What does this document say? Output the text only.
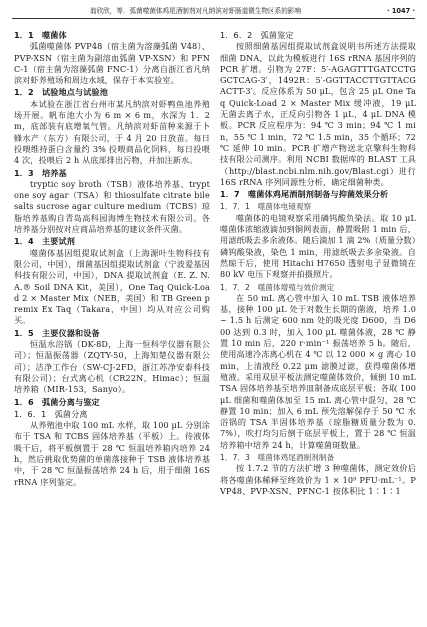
翁欣欣，等．弧菌噬菌体鸡尾酒制剂对凡纳滨对虾肠道微生物区系的影响	· 1047 ·
1．1　噬菌体

弧菌噬菌体 PVP48（宿主菌为溶藻弧菌 V48）、PVP-XSN（宿主菌为副溶血弧菌 VP-XSN）和 PFNC-1（宿主菌为溶藻弧菌 FNC-1）分离自浙江省凡纳滨对虾养殖场和周边水域，保存于本实验室。

1．2　试验地点与试验池

本试验在浙江省台州市某凡纳滨对虾鸭鱼池养殖场开展。帆布池大小为 6 m × 6 m，水深为 1．2 m，底部装有底增氧气管。凡纳滨对虾苗种来源于卜蜂水产（东方）有限公司，于 4 月 20 日放苗。每日投喂维持蛋白含量约 3% 投喂商品化饲料，每日投喂 4 次，投喂后 2 h 从底部排出污物，并加注新水。

1．3　培养基

tryptic soy broth（TSB）液体培养基、tryptone soy agar（TSA）和 thiosulfate citrate bile salts sucrose agar culture medium（TCBS）琼脂培养基购自青岛高科园海博生物技术有限公司。各培养基分别按对应商品培养基的建议条件灭菌。

1．4　主要试剂

噬菌体基因组提取试剂盒（上海源叶生物科技有限公司，中国），细菌基因组提取试剂盒（宁波爱基因科技有限公司，中国），DNA 提取试剂盒（E. Z. N. A.® Soil DNA Kit，美国），One Taq Quick-Load 2 × Master Mix（NEB，美国）和 TB Green premix Ex Taq（Takara，中国）均从对应公司购买。

1．5　主要仪器和设备

恒温水浴锅（DK-8D，上海一恒科学仪器有限公司）；恒温振荡器（ZQTY-50，上海知楚仪器有限公司）；洁净工作台（SW-CJ-2FD，浙江苏净安泰科技有限公司）；台式离心机（CR22N，Himac）；恒温培养箱（MIR-153，Sanyo）。

1．6　弧菌分离与鉴定
1．6．1　弧菌分离

从养殖池中取 100 mL 水样，取 100 μL 分别涂布于 TSA 和 TCBS 固体培养基（平板）上。待液体吸干后，将平板倒置于 28 ℃ 恒温培养箱内培养 24 h，然后挑取优势菌的单菌落接种于 TSB 液体培养基中，于 28 ℃ 恒温振荡培养 24 h 后，用于细菌 16S rRNA 序列鉴定。

1．6．2　弧菌鉴定

按照细菌基因组提取试剂盒说明书所述方法提取细菌 DNA，以此为模板进行 16S rRNA 基因序列的 PCR 扩增。引物为 27F：5′-AGAGTTTGATCCTGGCTCAG-3′，1492R：5′-GGTTACCTTGTTACGACTT-3′。反应体系为 50 μL，包含 25 μL One Taq Quick-Load 2 × Master Mix 缓冲液，19 μL 无菌去离子水，正反向引物各 1 μL，4 μL DNA 模板。PCR 反应程序为：94 ℃ 3 min；94 ℃ 1 min，55 ℃ 1 min，72 ℃ 1.5 min，35 个循环；72 ℃ 延伸 10 min。PCR 扩增产物送北京擎科生物科技有限公司测序。利用 NCBI 数据库的 BLAST 工具（http://blast.ncbi.nlm.nih.gov/Blast.cgi）进行 16S rRNA 序列同源性分析，确定细菌种类。

1．7　噬菌体鸡尾酒制剂制备与抑菌效果分析
1．7．1　噬菌体电镜观察

噬菌体的电镜观察采用磷钨酸负染法。取 10 μL 噬菌体浓缩液滴加到铜网表面，静置吸附 1 min 后，用滤纸吸去多余液体。随后滴加 1 滴 2%（质量分数）磷钨酸染液，染色 1 min，用滤纸吸去多余染液。自然晾干后，使用 Hitachi H7650 透射电子显微镜在 80 kV 电压下观察并拍摄照片。

1．7．2　噬菌体增殖与效价测定

在 50 mL 离心管中加入 10 mL TSB 液体培养基，接种 100 μL 处于对数生长期的菌液，培养 1.0 ~ 1.5 h 后测定 600 nm 处的吸光度 D600，当 D600 达到 0.3 时，加入 100 μL 噬菌体液，28 ℃ 静置 10 min 后，220 r·min⁻¹ 振荡培养 5 h。随后，使用高速冷冻离心机在 4 ℃ 以 12 000 × g 离心 10 min，上清液经 0.22 μm 滤膜过滤，获得噬菌体增殖液。采用双层平板法测定噬菌体效价，倾倒 10 mL TSA 固体培养基至培养皿制备成底层平板；各取 100 μL 细菌和噬菌体加至 15 mL 离心管中混匀，28 ℃ 静置 10 min；加入 6 mL 预先溶解保存于 50 ℃ 水浴锅的 TSA 半固体培养基（琼脂糖质量分数为 0.7%），吹打均匀后倒于底层平板上，置于 28 ℃ 恒温培养箱中培养 24 h，计算噬菌斑数量。

1．7．3　噬菌体鸡尾酒制剂制备

按 1.7.2 节的方法扩增 3 种噬菌体，测定效价后将各噬菌体稀释至终效价为 1 × 10⁹ PFU·mL⁻¹。PVP48、PVP-XSN、PFNC-1 按体积比 1∶1∶1
